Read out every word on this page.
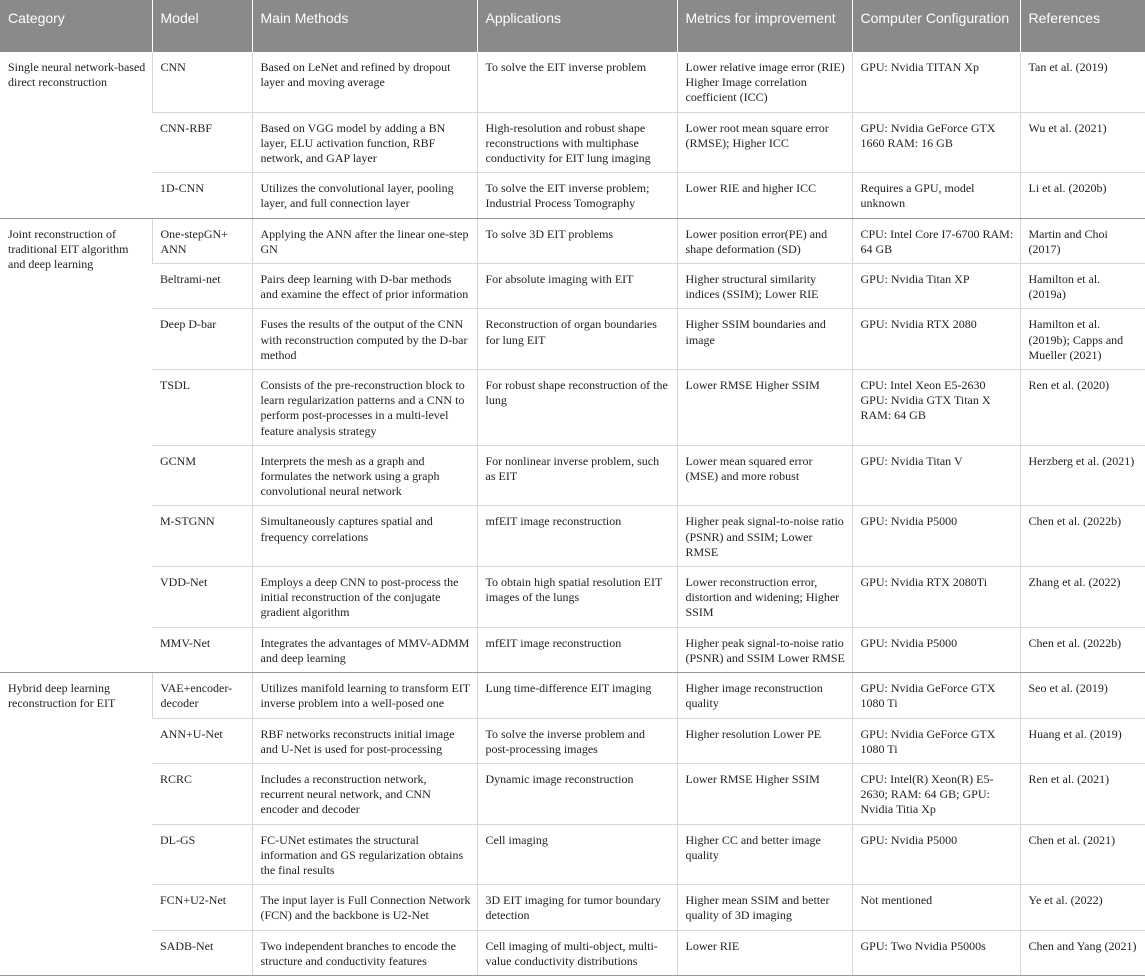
Category	Model	Main Methods	Applications	Metrics for improvement	Computer Configuration	References
Single neural network-based direct reconstruction	CNN	Based on LeNet and refined by dropout layer and moving average	To solve the EIT inverse problem	Lower relative image error (RIE) Higher Image correlation coefficient (ICC)	GPU: Nvidia TITAN Xp	Tan et al. (2019)
	CNN-RBF	Based on VGG model by adding a BN layer, ELU activation function, RBF network, and GAP layer	High-resolution and robust shape reconstructions with multiphase conductivity for EIT lung imaging	Lower root mean square error (RMSE); Higher ICC	GPU: Nvidia GeForce GTX 1660 RAM: 16 GB	Wu et al. (2021)
	1D-CNN	Utilizes the convolutional layer, pooling layer, and full connection layer	To solve the EIT inverse problem; Industrial Process Tomography	Lower RIE and higher ICC	Requires a GPU, model unknown	Li et al. (2020b)
Joint reconstruction of traditional EIT algorithm and deep learning	One-stepGN+ ANN	Applying the ANN after the linear one-step GN	To solve 3D EIT problems	Lower position error(PE) and shape deformation (SD)	CPU: Intel Core I7-6700 RAM: 64 GB	Martin and Choi (2017)
	Beltrami-net	Pairs deep learning with D-bar methods and examine the effect of prior information	For absolute imaging with EIT	Higher structural similarity indices (SSIM); Lower RIE	GPU: Nvidia Titan XP	Hamilton et al. (2019a)
	Deep D-bar	Fuses the results of the output of the CNN with reconstruction computed by the D-bar method	Reconstruction of organ boundaries for lung EIT	Higher SSIM boundaries and image	GPU: Nvidia RTX 2080	Hamilton et al. (2019b); Capps and Mueller (2021)
	TSDL	Consists of the pre-reconstruction block to learn regularization patterns and a CNN to perform post-processes in a multi-level feature analysis strategy	For robust shape reconstruction of the lung	Lower RMSE Higher SSIM	CPU: Intel Xeon E5-2630 GPU: Nvidia GTX Titan X RAM: 64 GB	Ren et al. (2020)
	GCNM	Interprets the mesh as a graph and formulates the network using a graph convolutional neural network	For nonlinear inverse problem, such as EIT	Lower mean squared error (MSE) and more robust	GPU: Nvidia Titan V	Herzberg et al. (2021)
	M-STGNN	Simultaneously captures spatial and frequency correlations	mfEIT image reconstruction	Higher peak signal-to-noise ratio (PSNR) and SSIM; Lower RMSE	GPU: Nvidia P5000	Chen et al. (2022b)
	VDD-Net	Employs a deep CNN to post-process the initial reconstruction of the conjugate gradient algorithm	To obtain high spatial resolution EIT images of the lungs	Lower reconstruction error, distortion and widening; Higher SSIM	GPU: Nvidia RTX 2080Ti	Zhang et al. (2022)
	MMV-Net	Integrates the advantages of MMV-ADMM and deep learning	mfEIT image reconstruction	Higher peak signal-to-noise ratio (PSNR) and SSIM Lower RMSE	GPU: Nvidia P5000	Chen et al. (2022b)
Hybrid deep learning reconstruction for EIT	VAE+encoder-decoder	Utilizes manifold learning to transform EIT inverse problem into a well-posed one	Lung time-difference EIT imaging	Higher image reconstruction quality	GPU: Nvidia GeForce GTX 1080 Ti	Seo et al. (2019)
	ANN+U-Net	RBF networks reconstructs initial image and U-Net is used for post-processing	To solve the inverse problem and post-processing images	Higher resolution Lower PE	GPU: Nvidia GeForce GTX 1080 Ti	Huang et al. (2019)
	RCRC	Includes a reconstruction network, recurrent neural network, and CNN encoder and decoder	Dynamic image reconstruction	Lower RMSE Higher SSIM	CPU: Intel(R) Xeon(R) E5-2630; RAM: 64 GB; GPU: Nvidia Titia Xp	Ren et al. (2021)
	DL-GS	FC-UNet estimates the structural information and GS regularization obtains the final results	Cell imaging	Higher CC and better image quality	GPU: Nvidia P5000	Chen et al. (2021)
	FCN+U2-Net	The input layer is Full Connection Network (FCN) and the backbone is U2-Net	3D EIT imaging for tumor boundary detection	Higher mean SSIM and better quality of 3D imaging	Not mentioned	Ye et al. (2022)
	SADB-Net	Two independent branches to encode the structure and conductivity features	Cell imaging of multi-object, multi-value conductivity distributions	Lower RIE	GPU: Two Nvidia P5000s	Chen and Yang (2021)
